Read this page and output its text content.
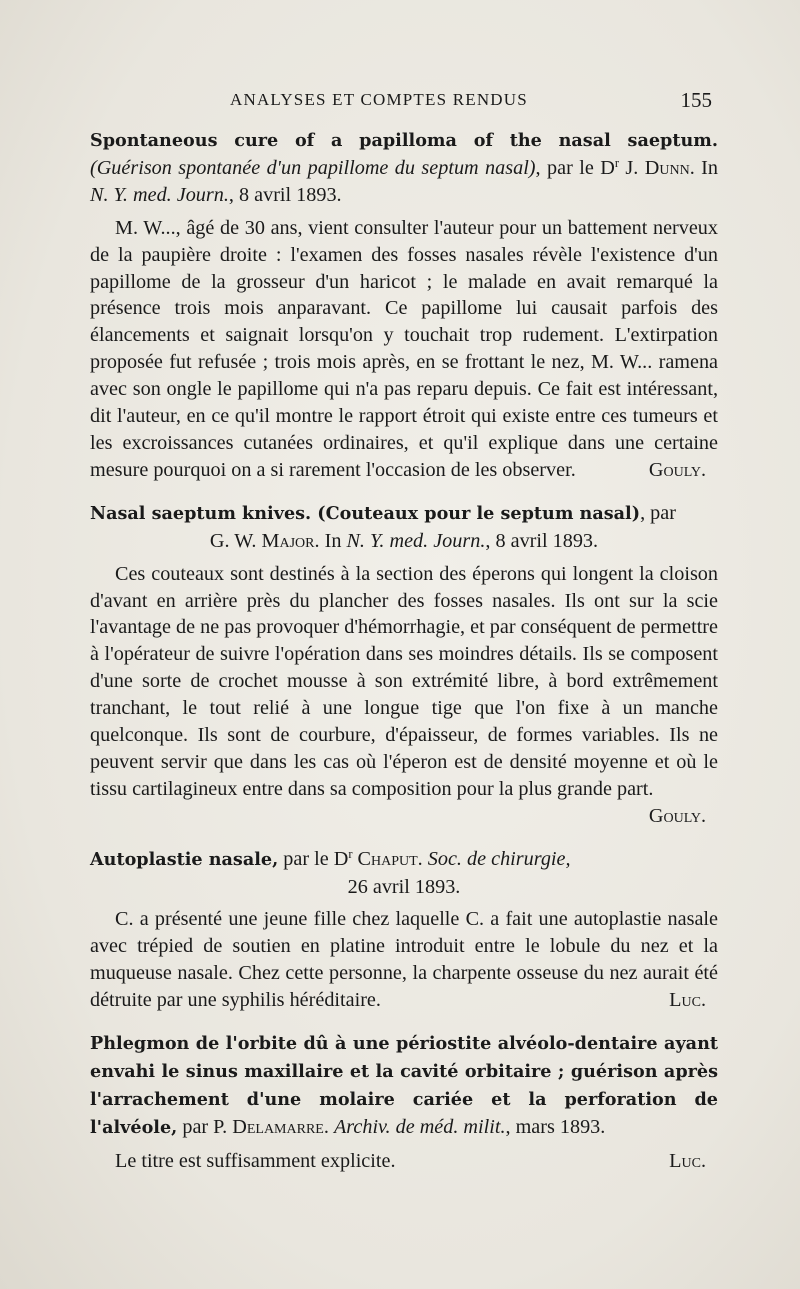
ANALYSES ET COMPTES RENDUS	155

Spontaneous cure of a papilloma of the nasal saeptum. (Guérison spontanée d'un papillome du septum nasal), par le $D^r$ J. Dunn. In N. Y. med. Journ., 8 avril 1893.

M. W..., âgé de 30 ans, vient consulter l'auteur pour un battement nerveux de la paupière droite : l'examen des fosses nasales révèle l'existence d'un papillome de la grosseur d'un haricot ; le malade en avait remarqué la présence trois mois anparavant. Ce papillome lui causait parfois des élancements et saignait lorsqu'on y touchait trop rudement. L'extirpation proposée fut refusée ; trois mois après, en se frottant le nez, M. W... ramena avec son ongle le papillome qui n'a pas reparu depuis. Ce fait est intéressant, dit l'auteur, en ce qu'il montre le rapport étroit qui existe entre ces tumeurs et les excroissances cutanées ordinaires, et qu'il explique dans une certaine mesure pourquoi on a si rarement l'occasion de les observer.	Gouly.

Nasal saeptum knives. (Couteaux pour le septum nasal), par
G. W. Major. In N. Y. med. Journ., 8 avril 1893.

Ces couteaux sont destinés à la section des éperons qui longent la cloison d'avant en arrière près du plancher des fosses nasales. Ils ont sur la scie l'avantage de ne pas provoquer d'hémorrhagie, et par conséquent de permettre à l'opérateur de suivre l'opération dans ses moindres détails. Ils se composent d'une sorte de crochet mousse à son extrémité libre, à bord extrêmement tranchant, le tout relié à une longue tige que l'on fixe à un manche quelconque. Ils sont de courbure, d'épaisseur, de formes variables. Ils ne peuvent servir que dans les cas où l'éperon est de densité moyenne et où le tissu cartilagineux entre dans sa composition pour la plus grande part.
Gouly.

Autoplastie nasale, par le $D^r$ Chaput. Soc. de chirurgie,
26 avril 1893.

C. a présenté une jeune fille chez laquelle C. a fait une autoplastie nasale avec trépied de soutien en platine introduit entre le lobule du nez et la muqueuse nasale. Chez cette personne, la charpente osseuse du nez aurait été détruite par une syphilis héréditaire.	Luc.

Phlegmon de l'orbite dû à une périostite alvéolo-dentaire ayant envahi le sinus maxillaire et la cavité orbitaire ; guérison après l'arrachement d'une molaire cariée et la perforation de l'alvéole, par P. Delamarre. Archiv. de méd. milit., mars 1893.

Le titre est suffisamment explicite.	Luc.
